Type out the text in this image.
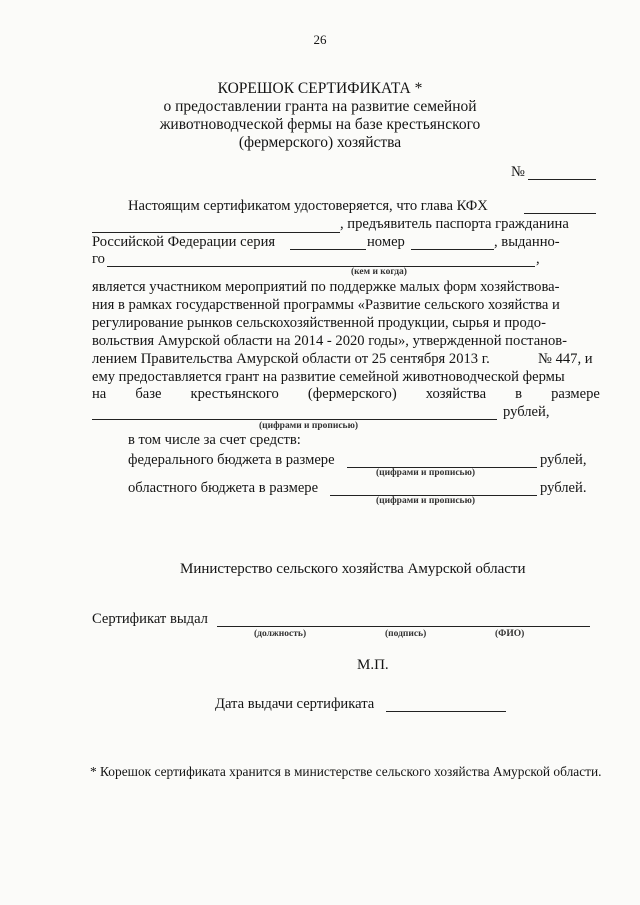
26
КОРЕШОК СЕРТИФИКАТА *
о предоставлении гранта на развитие семейной
животноводческой фермы на базе крестьянского
(фермерского) хозяйства
№
Настоящим сертификатом удостоверяется, что глава КФХ
, предъявитель паспорта гражданина
Российской Федерации серия	номер	, выданно-
го	,
(кем и когда)
является участником мероприятий по поддержке малых форм хозяйствова-
ния в рамках государственной программы «Развитие сельского хозяйства и
регулирование рынков сельскохозяйственной продукции, сырья и продо-
вольствия Амурской области на 2014 - 2020 годы», утвержденной постанов-
лением Правительства Амурской области от 25 сентября 2013 г.	№ 447, и
ему предоставляется грант на развитие семейной животноводческой фермы
на базе крестьянского (фермерского) хозяйства в размере
рублей,
(цифрами и прописью)
в том числе за счет средств:
федерального бюджета в размере	рублей,
(цифрами и прописью)
областного бюджета в размере	рублей.
(цифрами и прописью)
Министерство сельского хозяйства Амурской области
Сертификат выдал
(должность)	(подпись)	(ФИО)
М.П.
Дата выдачи сертификата
* Корешок сертификата хранится в министерстве сельского хозяйства Амурской области.
